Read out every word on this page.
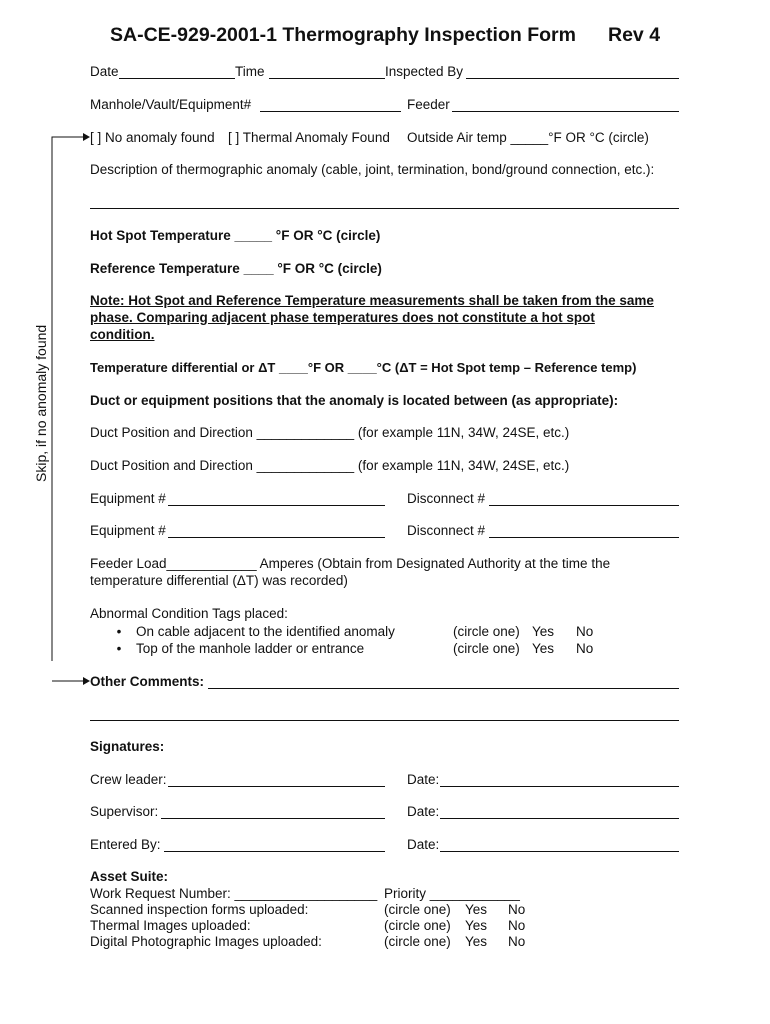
SA-CE-929-2001-1 Thermography Inspection Form Rev 4
Date	Time	Inspected By
Manhole/Vault/Equipment#	Feeder
Skip, if no anomaly found
[ ] No anomaly found [ ] Thermal Anomaly Found Outside Air temp _____°F OR °C (circle)
Description of thermographic anomaly (cable, joint, termination, bond/ground connection, etc.):
Hot Spot Temperature _____ °F OR °C (circle)
Reference Temperature ____ °F OR °C (circle)
Note: Hot Spot and Reference Temperature measurements shall be taken from the same
phase. Comparing adjacent phase temperatures does not constitute a hot spot
condition.
Temperature differential or ΔT ____°F OR ____°C (ΔT = Hot Spot temp – Reference temp)
Duct or equipment positions that the anomaly is located between (as appropriate):
Duct Position and Direction _____________ (for example 11N, 34W, 24SE, etc.)
Duct Position and Direction _____________ (for example 11N, 34W, 24SE, etc.)
Equipment #	Disconnect #
Equipment #	Disconnect #
Feeder Load____________ Amperes (Obtain from Designated Authority at the time the
temperature differential (ΔT) was recorded)
Abnormal Condition Tags placed:
• On cable adjacent to the identified anomaly	(circle one) Yes No
• Top of the manhole ladder or entrance	(circle one) Yes No
Other Comments:
Signatures:
Crew leader:	Date:
Supervisor:	Date:
Entered By:	Date:
Asset Suite:
Work Request Number: ___________________ Priority ____________
Scanned inspection forms uploaded:	(circle one) Yes No
Thermal Images uploaded:	(circle one) Yes No
Digital Photographic Images uploaded:	(circle one) Yes No
